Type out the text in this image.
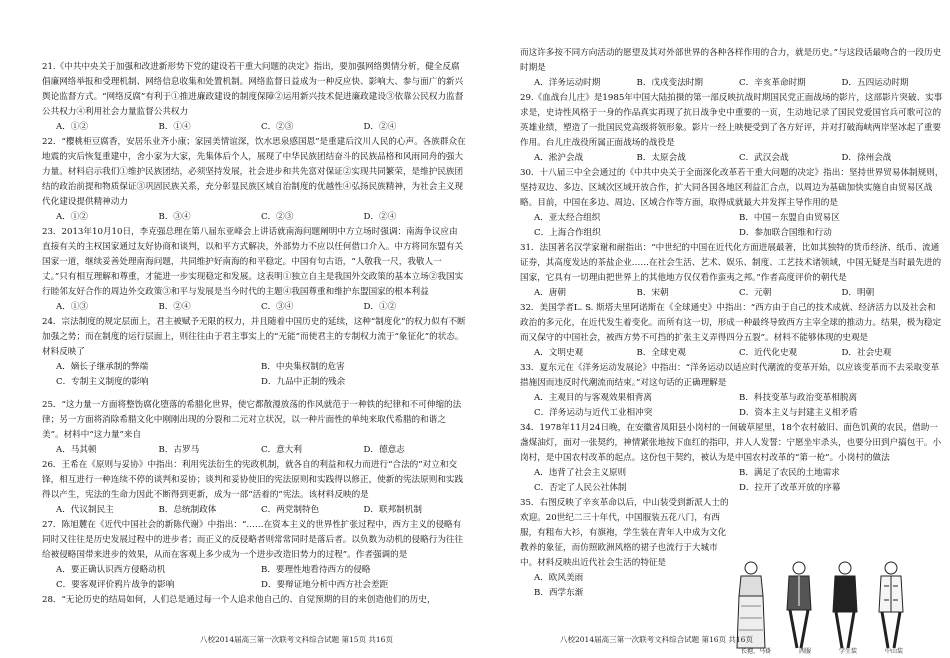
21.《中共中央关于加强和改进新形势下党的建设若干重大问题的决定》指出，要加强网络舆情分析，健全反腐倡廉网络举报和受理机制、网络信息收集和处置机制。网络监督日益成为一种反应快、影响大、参与面广的新兴舆论监督方式。“网络反腐”有利于①推进廉政建设的制度保障②运用新兴技术促进廉政建设③依靠公民权力监督公共权力④利用社会力量监督公共权力
A．①②	B．①④	C．②③	D．②④
22．“樱桃柜豆腐香，安居乐业齐小康；家园美情谊深，饮水思泉感国恩”是重建后汶川人民的心声。各族群众在地震的灾后恢复重建中，舍小家为大家，先集体后个人，展现了中华民族团结奋斗的民族品格和风雨同舟的强大力量。材料启示我们①维护民族团结，必须坚持发展，社会进步和共先富对保证②实现共同繁荣，是维护民族团结的政治前提和物质保证③巩固民族关系，充分彰显民族区域自治制度的优越性④弘扬民族精神，为社会主义现代化建设提供精神动力
A．①②	B．③④	C．②③	D．②④
23．2013年10月10日，李克强总理在第八届东亚峰会上讲话就南海问题阐明中方立场时强调：南海争议应由直接有关的主权国家通过友好协商和谈判，以和平方式解决，外部势力不应以任何借口介入。中方将同东盟有关国家一道，继续妥善处理南海问题，共同维护好南海的和平稳定。中国有句古语，“人敬我一尺，我敬人一丈。”只有相互理解和尊重，才能进一步实现稳定和发展。这表明①独立自主是我国外交政策的基本立场②我国实行睦邻友好合作的周边外交政策③和平与发展是当今时代的主题④我国尊重和维护东盟国家的根本利益
A．①③	B．②④	C．③④	D．①②
24．宗法制度的规定层面上，君主被赋予无限的权力，并且随着中国历史的延续，这种“制度化”的权力似有不断加强之势；而在制度的运行层面上，则往往由于君主事实上的“无能”而使君主的专制权力流于“象征化”的状态。材料反映了
A．嫡长子继承制的弊端	B．中央集权制的危害
C．专制主义制度的影响	D．九品中正制的残余
25．“这力量一方面将整饬腐化堕落的希腊化世界，使它都散漫放荡的作风就范于一种铁的纪律和不可伸缩的法律；另一方面将消除希腊文化中刚刚出现的分裂和二元对立状况，以一种片面性的单纯来取代希腊的和谐之美”。材料中“这力量”来自
A．马其顿	B．古罗马	C．意大利	D．德意志
26．王希在《原则与妥协》中指出：利用宪法衍生的宪政机制，就各自的利益和权力而进行“合法的”对立和交锋，相互进行一种连续不停的谈判和妥协；谈判和妥协使旧的宪法原则和实践得以修正，使新的宪法原则和实践得以产生，宪法的生命力因此不断得到更新，成为一部“活着的”宪法。该材料反映的是
A．代议制民主	B．总统制政体	C．两党制特色	D．联邦制机制
27．陈旭麓在《近代中国社会的新陈代谢》中指出：“……在资本主义的世界性扩张过程中，西方主义的侵略有同时又往往是历史发展过程中的进步者；而正义的反侵略者则常常同时是落后者。以负数为动机的侵略行为往往给被侵略国带来进步的效果，从而在客观上多少成为一个进步改造旧势力的过程”。作者强调的是
A．要正确认识西方侵略动机	B．要理性地看待西方的侵略
C．要客观评价鸦片战争的影响	D．要辩证地分析中西方社会差距
28．“无论历史的结局如何，人们总是通过每一个人追求他自己的、自觉预期的目的来创造他们的历史，
而这许多按不同方向活动的愿望及其对外部世界的各种各样作用的合力，就是历史。”与这段话最吻合的一段历史时期是
A．洋务运动时期	B．戊戌变法时期	C．辛亥革命时期	D．五四运动时期
29.《血战台儿庄》是1985年中国大陆拍摄的第一部反映抗战时期国民党正面战场的影片，这部影片突破、实事求是，史诗性风格于一身的作品真实再现了抗日战争史中重要的一页，生动地记录了国民党爱国官兵可歌可泣的英雄业绩，塑造了一批国民党高级将领形象。影片一经上映便受到了各方好评，并对打破海峡两岸坚冰起了重要作用。台儿庄战役所属正面战场的战役是
A．淞沪会战	B．太原会战	C．武汉会战	D．徐州会战
30．十八届三中全会通过的《中共中央关于全面深化改革若干重大问题的决定》指出：坚持世界贸易体制规则，坚持双边、多边、区域次区域开放合作，扩大同各国各地区利益汇合点，以周边为基础加快实施自由贸易区战略。目前，中国在多边、周边、区域合作等方面，取得成就最大并发挥主导作用的是
A．亚太经合组织	B．中国－东盟自由贸易区
C．上海合作组织	D．参加联合国维和行动
31．法国著名汉学家谢和耐指出：“中世纪的中国在近代化方面进展最著，比如其独特的货币经济、纸币、流通证券，其高度发达的茶盐企业……在社会生活、艺术、娱乐、制度、工艺技术诸领域，中国无疑是当时最先进的国家，它具有一切理由把世界上的其他地方仅仅看作蛮夷之邦。”作者高度评价的朝代是
A．唐朝	B．宋朝	C．元朝	D．明朝
32．美国学者L. S. 斯塔夫里阿诺斯在《全球通史》中指出：“西方由于自己的技术成就、经济活力以及社会和政治的多元化，在近代发生着变化。而所有这一切，形成一种最终导致西方主宰全球的推动力。结果，极为稳定而又保守的中国社会，被西方势不可挡的扩张主义弄得四分五裂”。材料不能够体现的史观是
A．文明史观	B．全球史观	C．近代化史观	D．社会史观
33．夏东元在《洋务运动发展论》中指出：“洋务运动以适应时代潮流的变革开始，以应该变革而不去采取变革措施因而违反时代潮流而结束。”对这句话的正确理解是
A．主观目的与客观效果相背离	B．科技变革与政治变革相脱离
C．洋务运动与近代工业相冲突	D．资本主义与封建主义相矛盾
34．1978年11月24日晚，在安徽省凤阳县小岗村的一间破草屋里，18个农村破旧、面色饥黄的农民，借助一盏煤油灯，面对一张契约，神情紧张地按下血红的指印，并人人发誓：宁愿坐牢杀头，也要分田到户搞包干。小岗村，是中国农村改革的起点。这份包干契约，被认为是中国农村改革的“第一枪”。小岗村的做法
A．违背了社会主义原则	B．满足了农民的土地需求
C．否定了人民公社体制	D．拉开了改革开放的序幕
35．右图反映了辛亥革命以后，中山装受到新派人士的欢迎。20世纪二三十年代，中国服装五花八门，有西服，有粗布大衫，有旗袍，学生装在青年人中成为文化教养的象征，而仿照欧洲风格的裙子也流行于大城市中。材料反映出近代社会生活的特征是
A．欧风美雨
B．西学东渐
长袍、马褂	西服	学生装	中山装
八校2014届高三第一次联考文科综合试题 第15页 共16页	八校2014届高三第一次联考文科综合试题 第16页 共16页
